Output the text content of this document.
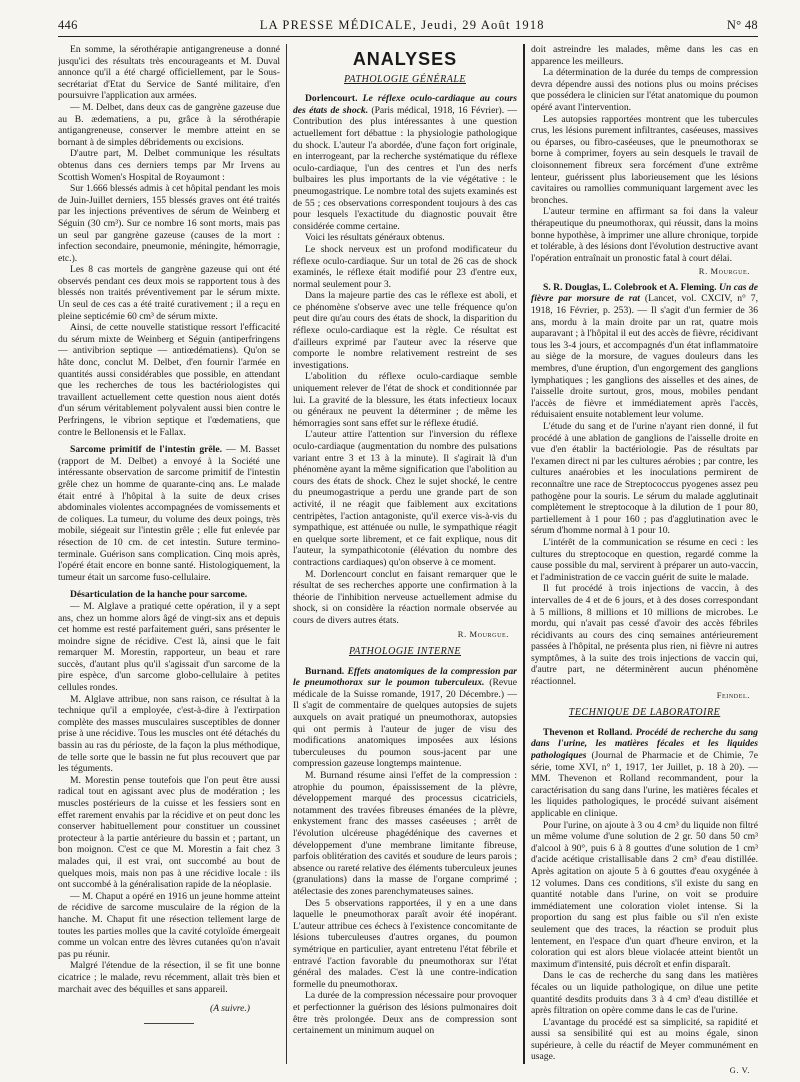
446	LA PRESSE MÉDICALE, Jeudi, 29 Août 1918	N° 48

En somme, la sérothérapie antigangreneuse a donné jusqu'ici des résultats très encourageants et M. Duval annonce qu'il a été chargé officiellement, par le Sous-secrétariat d'Etat du Service de Santé militaire, d'en poursuivre l'application aux armées.

— M. Delbet, dans deux cas de gangrène gazeuse due au B. ædematiens, a pu, grâce à la sérothérapie antigangreneuse, conserver le membre atteint en se bornant à de simples débridements ou excisions.

D'autre part, M. Delbet communique les résultats obtenus dans ces derniers temps par Mr Irvens au Scottish Women's Hospital de Royaumont :

Sur 1.666 blessés admis à cet hôpital pendant les mois de Juin-Juillet derniers, 155 blessés graves ont été traités par les injections préventives de sérum de Weinberg et Séguin (30 cm³). Sur ce nombre 16 sont morts, mais pas un seul par gangrène gazeuse (causes de la mort : infection secondaire, pneumonie, méningite, hémorragie, etc.).

Les 8 cas mortels de gangrène gazeuse qui ont été observés pendant ces deux mois se rapportent tous à des blessés non traités préventivement par le sérum mixte. Un seul de ces cas a été traité curativement ; il a reçu en pleine septicémie 60 cm³ de sérum mixte.

Ainsi, de cette nouvelle statistique ressort l'efficacité du sérum mixte de Weinberg et Séguin (antiperfringens — antivibrion septique — antiœdématiens). Qu'on se hâte donc, conclut M. Delbet, d'en fournir l'armée en quantités aussi considérables que possible, en attendant que les recherches de tous les bactériologistes qui travaillent actuellement cette question nous aient dotés d'un sérum véritablement polyvalent aussi bien contre le Perfringens, le vibrion septique et l'œdematiens, que contre le Bellonensis et le Fallax.

Sarcome primitif de l'intestin grêle. — M. Basset (rapport de M. Delbet) a envoyé à la Société une intéressante observation de sarcome primitif de l'intestin grêle chez un homme de quarante-cinq ans. Le malade était entré à l'hôpital à la suite de deux crises abdominales violentes accompagnées de vomissements et de coliques. La tumeur, du volume des deux poings, très mobile, siégeait sur l'intestin grêle ; elle fut enlevée par résection de 10 cm. de cet intestin. Suture termino-terminale. Guérison sans complication. Cinq mois après, l'opéré était encore en bonne santé. Histologiquement, la tumeur était un sarcome fuso-cellulaire.

Désarticulation de la hanche pour sarcome.

— M. Alglave a pratiqué cette opération, il y a sept ans, chez un homme alors âgé de vingt-six ans et depuis cet homme est resté parfaitement guéri, sans présenter le moindre signe de récidive. C'est là, ainsi que le fait remarquer M. Morestin, rapporteur, un beau et rare succès, d'autant plus qu'il s'agissait d'un sarcome de la pire espèce, d'un sarcome globo-cellulaire à petites cellules rondes.

M. Alglave attribue, non sans raison, ce résultat à la technique qu'il a employée, c'est-à-dire à l'extirpation complète des masses musculaires susceptibles de donner prise à une récidive. Tous les muscles ont été détachés du bassin au ras du périoste, de la façon la plus méthodique, de telle sorte que le bassin ne fut plus recouvert que par les téguments.

M. Morestin pense toutefois que l'on peut être aussi radical tout en agissant avec plus de modération ; les muscles postérieurs de la cuisse et les fessiers sont en effet rarement envahis par la récidive et on peut donc les conserver habituellement pour constituer un coussinet protecteur à la partie antérieure du bassin et ; partant, un bon moignon. C'est ce que M. Morestin a fait chez 3 malades qui, il est vrai, ont succombé au bout de quelques mois, mais non pas à une récidive locale : ils ont succombé à la généralisation rapide de la néoplasie.

— M. Chaput a opéré en 1916 un jeune homme atteint de récidive de sarcome musculaire de la région de la hanche. M. Chaput fit une résection tellement large de toutes les parties molles que la cavité cotyloïde émergeait comme un volcan entre des lèvres cutanées qu'on n'avait pas pu réunir.

Malgré l'étendue de la résection, il se fit une bonne cicatrice ; le malade, revu récemment, allait très bien et marchait avec des béquilles et sans appareil.

(A suivre.)
ANALYSES
PATHOLOGIE GÉNÉRALE

Dorlencourt. Le réflexe oculo-cardiaque au cours des états de shock. (Paris médical, 1918, 16 Février). — Contribution des plus intéressantes à une question actuellement fort débattue : la physiologie pathologique du shock. L'auteur l'a abordée, d'une façon fort originale, en interrogeant, par la recherche systématique du réflexe oculo-cardiaque, l'un des centres et l'un des nerfs bulbaires les plus importants de la vie végétative : le pneumogastrique. Le nombre total des sujets examinés est de 55 ; ces observations correspondent toujours à des cas pour lesquels l'exactitude du diagnostic pouvait être considérée comme certaine.

Voici les résultats généraux obtenus.

Le shock nerveux est un profond modificateur du réflexe oculo-cardiaque. Sur un total de 26 cas de shock examinés, le réflexe était modifié pour 23 d'entre eux, normal seulement pour 3.

Dans la majeure partie des cas le réflexe est aboli, et ce phénomène s'observe avec une telle fréquence qu'on peut dire qu'au cours des états de shock, la disparition du réflexe oculo-cardiaque est la règle. Ce résultat est d'ailleurs exprimé par l'auteur avec la réserve que comporte le nombre relativement restreint de ses investigations.

L'abolition du réflexe oculo-cardiaque semble uniquement relever de l'état de shock et conditionnée par lui. La gravité de la blessure, les états infectieux locaux ou généraux ne peuvent la déterminer ; de même les hémorragies sont sans effet sur le réflexe étudié.

L'auteur attire l'attention sur l'inversion du réflexe oculo-cardiaque (augmentation du nombre des pulsations variant entre 3 et 13 à la minute). Il s'agirait là d'un phénomène ayant la même signification que l'abolition au cours des états de shock. Chez le sujet shocké, le centre du pneumogastrique a perdu une grande part de son activité, il ne réagit que faiblement aux excitations centripètes, l'action antagoniste, qu'il exerce vis-à-vis du sympathique, est atténuée ou nulle, le sympathique réagit en quelque sorte librement, et ce fait explique, nous dit l'auteur, la sympathicotonie (élévation du nombre des contractions cardiaques) qu'on observe à ce moment.

M. Dorlencourt conclut en faisant remarquer que le résultat de ses recherches apporte une confirmation à la théorie de l'inhibition nerveuse actuellement admise du shock, si on considère la réaction normale observée au cours de divers autres états.

R. Mourgue.
PATHOLOGIE INTERNE

Burnand. Effets anatomiques de la compression par le pneumothorax sur le poumon tuberculeux. (Revue médicale de la Suisse romande, 1917, 20 Décembre.) — Il s'agit de commentaire de quelques autopsies de sujets auxquels on avait pratiqué un pneumothorax, autopsies qui ont permis à l'auteur de juger de visu des modifications anatomiques imposées aux lésions tuberculeuses du poumon sous-jacent par une compression gazeuse longtemps maintenue.

M. Burnand résume ainsi l'effet de la compression : atrophie du poumon, épaississement de la plèvre, développement marqué des processus cicatriciels, notamment des travées fibreuses émanées de la plèvre, enkystement franc des masses caséeuses ; arrêt de l'évolution ulcéreuse phagédénique des cavernes et développement d'une membrane limitante fibreuse, parfois oblitération des cavités et soudure de leurs parois ; absence ou rareté relative des éléments tuberculeux jeunes (granulations) dans la masse de l'organe comprimé ; atélectasie des zones parenchymateuses saines.

Des 5 observations rapportées, il y en a une dans laquelle le pneumothorax paraît avoir été inopérant. L'auteur attribue ces échecs à l'existence concomitante de lésions tuberculeuses d'autres organes, du poumon symétrique en particulier, ayant entretenu l'état fébrile et entravé l'action favorable du pneumothorax sur l'état général des malades. C'est là une contre-indication formelle du pneumothorax.

La durée de la compression nécessaire pour provoquer et perfectionner la guérison des lésions pulmonaires doit être très prolongée. Deux ans de compression sont certainement un minimum auquel on

doit astreindre les malades, même dans les cas en apparence les meilleurs.

La détermination de la durée du temps de compression devra dépendre aussi des notions plus ou moins précises que possédera le clinicien sur l'état anatomique du poumon opéré avant l'intervention.

Les autopsies rapportées montrent que les tubercules crus, les lésions purement infiltrantes, caséeuses, massives ou éparses, ou fibro-caséeuses, que le pneumothorax se borne à comprimer, foyers au sein desquels le travail de cloisonnement fibreux sera forcément d'une extrême lenteur, guérissent plus laborieusement que les lésions cavitaires ou ramollies communiquant largement avec les bronches.

L'auteur termine en affirmant sa foi dans la valeur thérapeutique du pneumothorax, qui réussit, dans la moins bonne hypothèse, à imprimer une allure chronique, torpide et tolérable, à des lésions dont l'évolution destructive avant l'opération entraînait un pronostic fatal à court délai.

R. Mourgue.

S. R. Douglas, L. Colebrook et A. Fleming. Un cas de fièvre par morsure de rat (Lancet, vol. CXCIV, n° 7, 1918, 16 Février, p. 253). — Il s'agit d'un fermier de 36 ans, mordu à la main droite par un rat, quatre mois auparavant ; à l'hôpital il eut des accès de fièvre, récidivant tous les 3-4 jours, et accompagnés d'un état inflammatoire au siège de la morsure, de vagues douleurs dans les membres, d'une éruption, d'un engorgement des ganglions lymphatiques ; les ganglions des aisselles et des aines, de l'aisselle droite surtout, gros, mous, mobiles pendant l'accès de fièvre et immédiatement après l'accès, réduisaient ensuite notablement leur volume.

L'étude du sang et de l'urine n'ayant rien donné, il fut procédé à une ablation de ganglions de l'aisselle droite en vue d'en établir la bactériologie. Pas de résultats par l'examen direct ni par les cultures aérobies ; par contre, les cultures anaérobies et les inoculations permirent de reconnaître une race de Streptococcus pyogenes assez peu pathogène pour la souris. Le sérum du malade agglutinait complètement le streptocoque à la dilution de 1 pour 80, partiellement à 1 pour 160 ; pas d'agglutination avec le sérum d'homme normal à 1 pour 10.

L'intérêt de la communication se résume en ceci : les cultures du streptocoque en question, regardé comme la cause possible du mal, servirent à préparer un auto-vaccin, et l'administration de ce vaccin guérit de suite le malade.

Il fut procédé à trois injections de vaccin, à des intervalles de 4 et de 6 jours, et à des doses correspondant à 5 millions, 8 millions et 10 millions de microbes. Le mordu, qui n'avait pas cessé d'avoir des accès fébriles récidivants au cours des cinq semaines antérieurement passées à l'hôpital, ne présenta plus rien, ni fièvre ni autres symptômes, à la suite des trois injections de vaccin qui, d'autre part, ne déterminèrent aucun phénomène réactionnel.

Feindel.
TECHNIQUE DE LABORATOIRE

Thevenon et Rolland. Procédé de recherche du sang dans l'urine, les matières fécales et les liquides pathologiques (Journal de Pharmacie et de Chimie, 7e série, tome XVI, n° 1, 1917, 1er Juillet, p. 18 à 20). — MM. Thevenon et Rolland recommandent, pour la caractérisation du sang dans l'urine, les matières fécales et les liquides pathologiques, le procédé suivant aisément applicable en clinique.

Pour l'urine, on ajoute à 3 ou 4 cm³ du liquide non filtré un même volume d'une solution de 2 gr. 50 dans 50 cm³ d'alcool à 90°, puis 6 à 8 gouttes d'une solution de 1 cm³ d'acide acétique cristallisable dans 2 cm³ d'eau distillée. Après agitation on ajoute 5 à 6 gouttes d'eau oxygénée à 12 volumes. Dans ces conditions, s'il existe du sang en quantité notable dans l'urine, on voit se produire immédiatement une coloration violet intense. Si la proportion du sang est plus faible ou s'il n'en existe seulement que des traces, la réaction se produit plus lentement, en l'espace d'un quart d'heure environ, et la coloration qui est alors bleue violacée atteint bientôt un maximum d'intensité, puis décroît et enfin disparaît.

Dans le cas de recherche du sang dans les matières fécales ou un liquide pathologique, on dilue une petite quantité desdits produits dans 3 à 4 cm³ d'eau distillée et après filtration on opère comme dans le cas de l'urine.

L'avantage du procédé est sa simplicité, sa rapidité et aussi sa sensibilité qui est au moins égale, sinon supérieure, à celle du réactif de Meyer communément en usage.

G. V.
